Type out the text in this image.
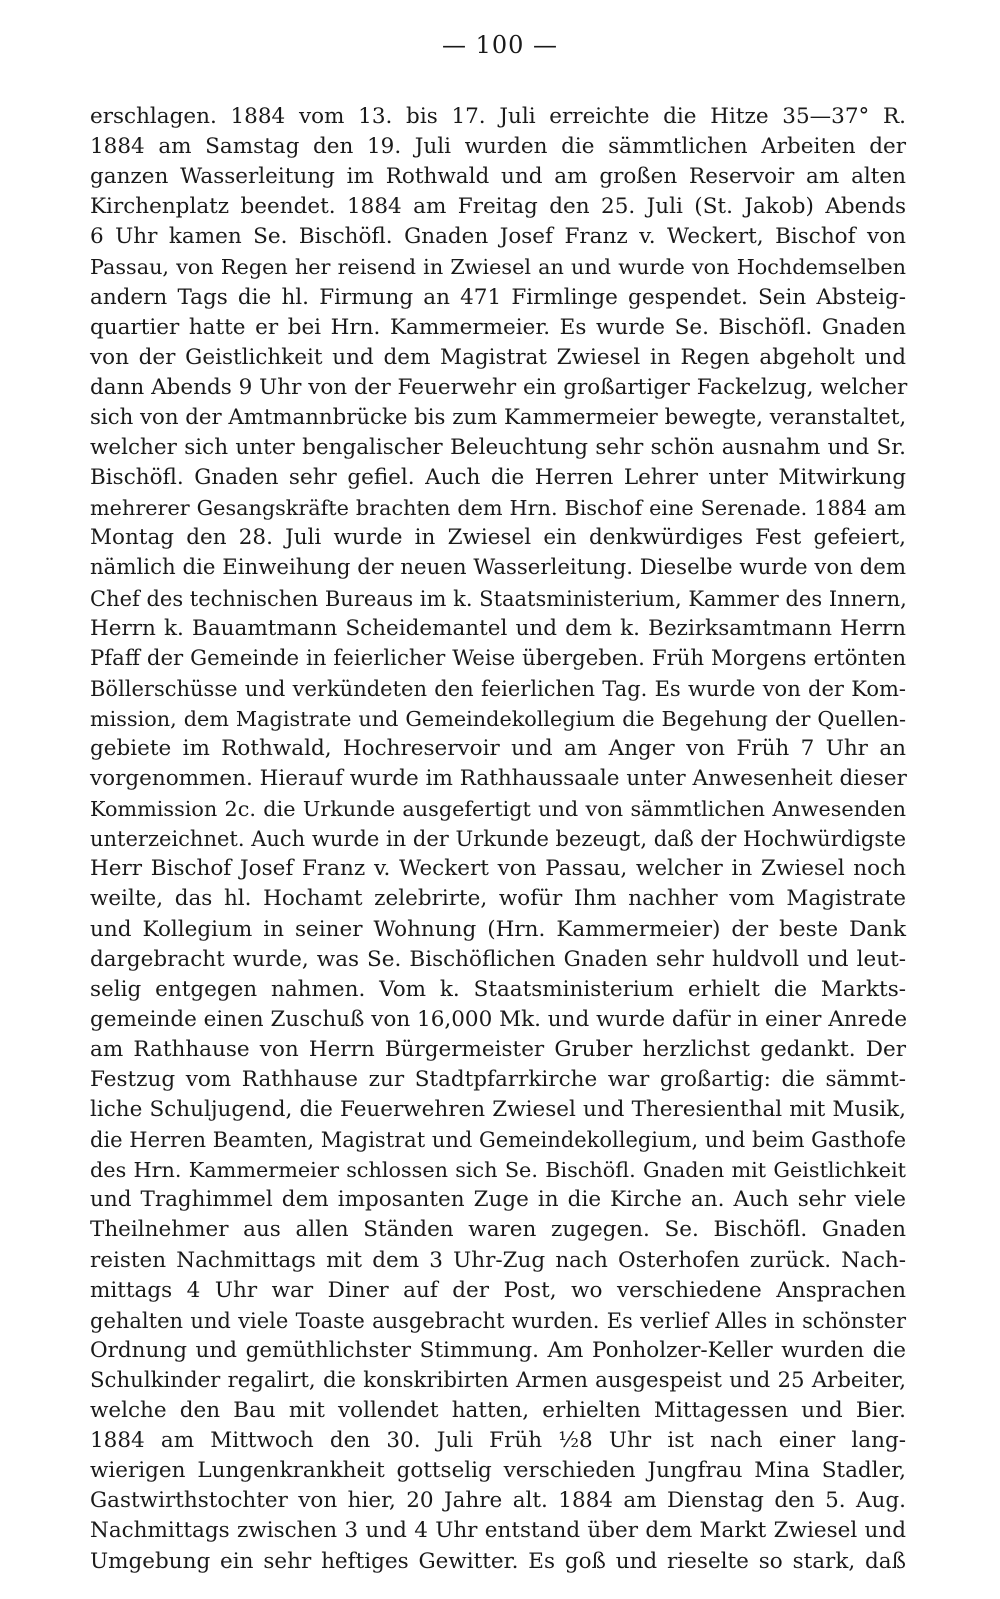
— 100 —
erschlagen. 1884 vom 13. bis 17. Juli erreichte die Hitze 35—37° R.
1884 am Samstag den 19. Juli wurden die sämmtlichen Arbeiten der
ganzen Wasserleitung im Rothwald und am großen Reservoir am alten
Kirchenplatz beendet. 1884 am Freitag den 25. Juli (St. Jakob) Abends
6 Uhr kamen Se. Bischöfl. Gnaden Josef Franz v. Weckert, Bischof von
Passau, von Regen her reisend in Zwiesel an und wurde von Hochdemselben
andern Tags die hl. Firmung an 471 Firmlinge gespendet. Sein Absteig-
quartier hatte er bei Hrn. Kammermeier. Es wurde Se. Bischöfl. Gnaden
von der Geistlichkeit und dem Magistrat Zwiesel in Regen abgeholt und
dann Abends 9 Uhr von der Feuerwehr ein großartiger Fackelzug, welcher
sich von der Amtmannbrücke bis zum Kammermeier bewegte, veranstaltet,
welcher sich unter bengalischer Beleuchtung sehr schön ausnahm und Sr.
Bischöfl. Gnaden sehr gefiel. Auch die Herren Lehrer unter Mitwirkung
mehrerer Gesangskräfte brachten dem Hrn. Bischof eine Serenade. 1884 am
Montag den 28. Juli wurde in Zwiesel ein denkwürdiges Fest gefeiert,
nämlich die Einweihung der neuen Wasserleitung. Dieselbe wurde von dem
Chef des technischen Bureaus im k. Staatsministerium, Kammer des Innern,
Herrn k. Bauamtmann Scheidemantel und dem k. Bezirksamtmann Herrn
Pfaff der Gemeinde in feierlicher Weise übergeben. Früh Morgens ertönten
Böllerschüsse und verkündeten den feierlichen Tag. Es wurde von der Kom-
mission, dem Magistrate und Gemeindekollegium die Begehung der Quellen-
gebiete im Rothwald, Hochreservoir und am Anger von Früh 7 Uhr an
vorgenommen. Hierauf wurde im Rathhaussaale unter Anwesenheit dieser
Kommission 2c. die Urkunde ausgefertigt und von sämmtlichen Anwesenden
unterzeichnet. Auch wurde in der Urkunde bezeugt, daß der Hochwürdigste
Herr Bischof Josef Franz v. Weckert von Passau, welcher in Zwiesel noch
weilte, das hl. Hochamt zelebrirte, wofür Ihm nachher vom Magistrate
und Kollegium in seiner Wohnung (Hrn. Kammermeier) der beste Dank
dargebracht wurde, was Se. Bischöflichen Gnaden sehr huldvoll und leut-
selig entgegen nahmen. Vom k. Staatsministerium erhielt die Markts-
gemeinde einen Zuschuß von 16,000 Mk. und wurde dafür in einer Anrede
am Rathhause von Herrn Bürgermeister Gruber herzlichst gedankt. Der
Festzug vom Rathhause zur Stadtpfarrkirche war großartig: die sämmt-
liche Schuljugend, die Feuerwehren Zwiesel und Theresienthal mit Musik,
die Herren Beamten, Magistrat und Gemeindekollegium, und beim Gasthofe
des Hrn. Kammermeier schlossen sich Se. Bischöfl. Gnaden mit Geistlichkeit
und Traghimmel dem imposanten Zuge in die Kirche an. Auch sehr viele
Theilnehmer aus allen Ständen waren zugegen. Se. Bischöfl. Gnaden
reisten Nachmittags mit dem 3 Uhr-Zug nach Osterhofen zurück. Nach-
mittags 4 Uhr war Diner auf der Post, wo verschiedene Ansprachen
gehalten und viele Toaste ausgebracht wurden. Es verlief Alles in schönster
Ordnung und gemüthlichster Stimmung. Am Ponholzer-Keller wurden die
Schulkinder regalirt, die konskribirten Armen ausgespeist und 25 Arbeiter,
welche den Bau mit vollendet hatten, erhielten Mittagessen und Bier.
1884 am Mittwoch den 30. Juli Früh ½8 Uhr ist nach einer lang-
wierigen Lungenkrankheit gottselig verschieden Jungfrau Mina Stadler,
Gastwirthstochter von hier, 20 Jahre alt. 1884 am Dienstag den 5. Aug.
Nachmittags zwischen 3 und 4 Uhr entstand über dem Markt Zwiesel und
Umgebung ein sehr heftiges Gewitter. Es goß und rieselte so stark, daß
